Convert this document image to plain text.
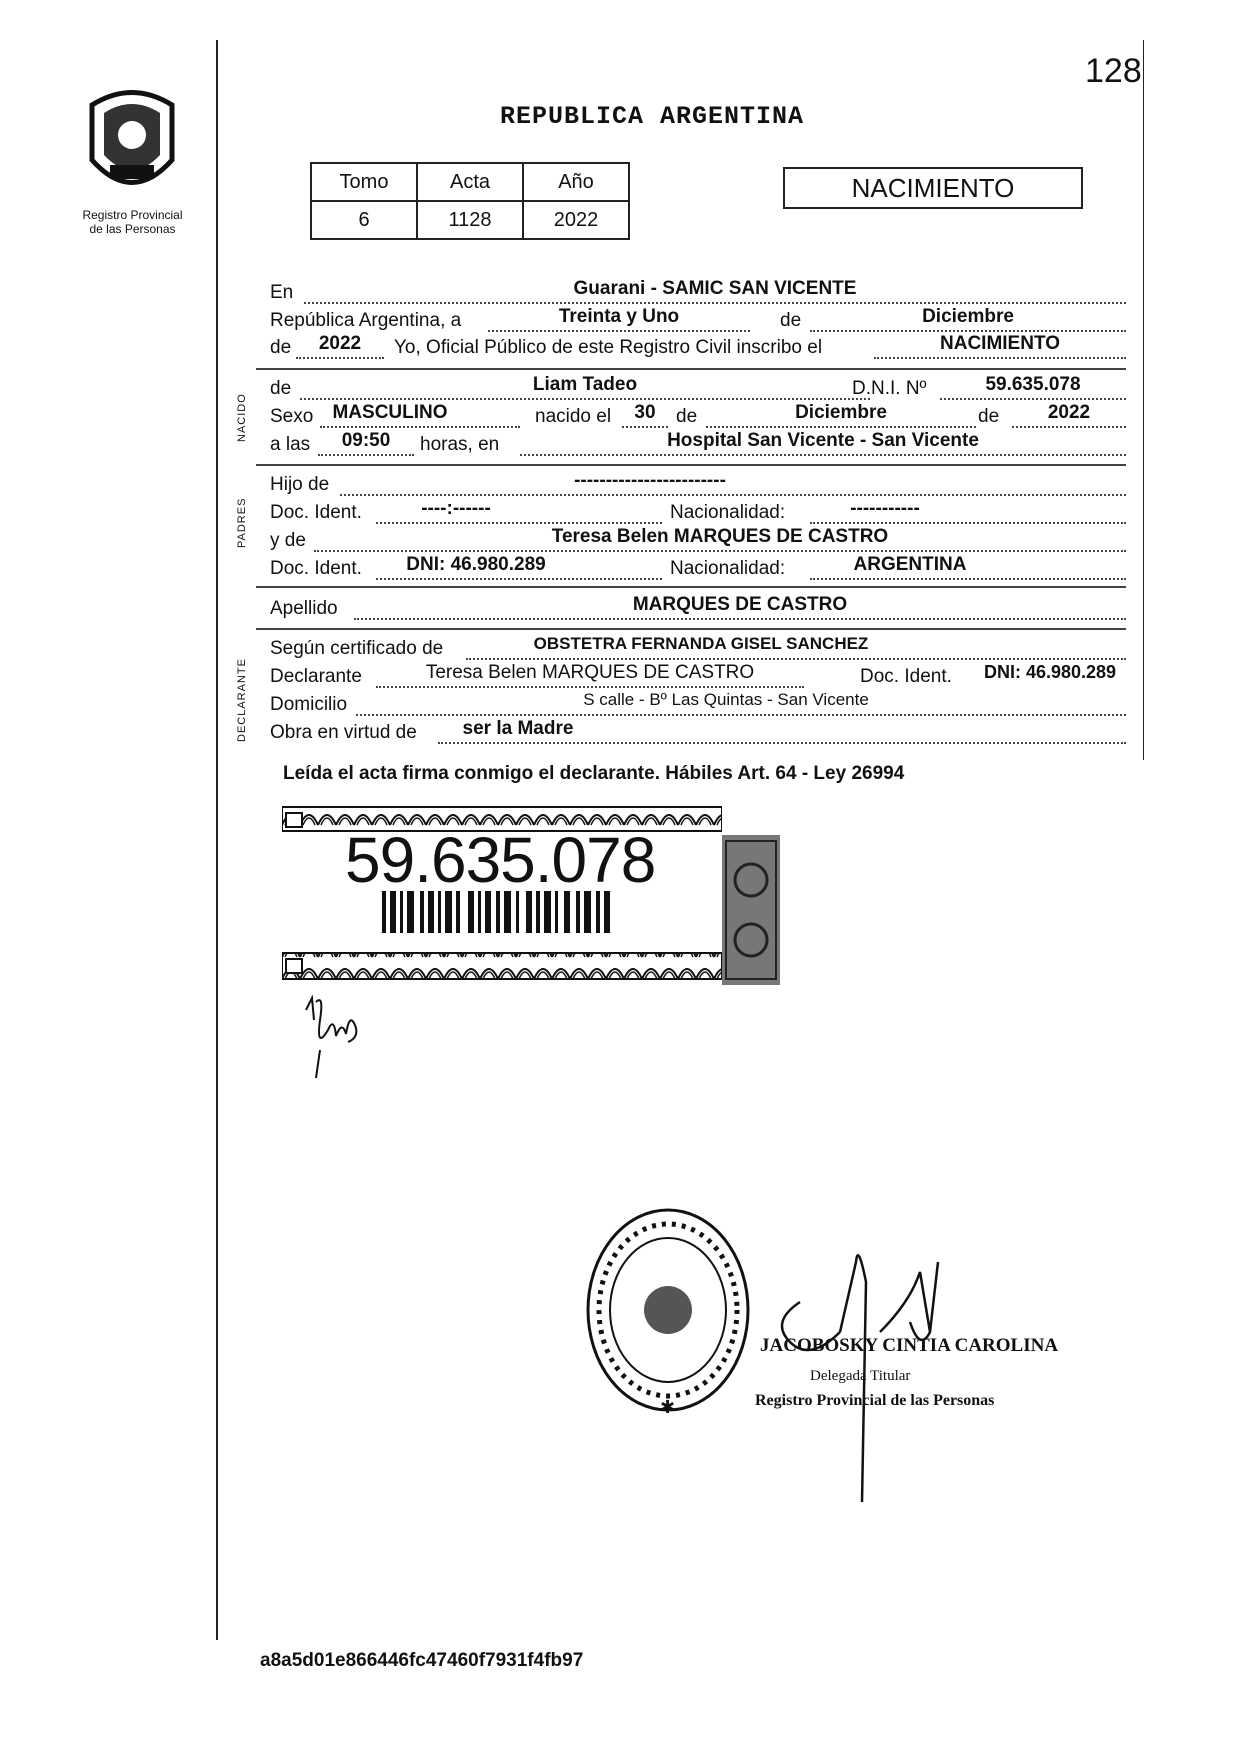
Registro Provincial
de las Personas
128
REPUBLICA ARGENTINA
Tomo	Acta	Año
6	1128	2022
NACIMIENTO
En	Guarani - SAMIC SAN VICENTE
República Argentina, a	Treinta y Uno	de	Diciembre
de	2022	Yo, Oficial Público de este Registro Civil inscribo el	NACIMIENTO
NACIDO
de	Liam Tadeo	D.N.I. Nº	59.635.078
Sexo	MASCULINO	nacido el	30	de	Diciembre	de	2022
a las	09:50	horas, en	Hospital San Vicente - San Vicente
PADRES
Hijo de	------------------------
Doc. Ident.	----:------	Nacionalidad:	-----------
y de	Teresa Belen MARQUES DE CASTRO
Doc. Ident.	DNI: 46.980.289	Nacionalidad:	ARGENTINA
Apellido	MARQUES DE CASTRO
DECLARANTE
Según certificado de	OBSTETRA FERNANDA GISEL SANCHEZ
Declarante	Teresa Belen MARQUES DE CASTRO	Doc. Ident.	DNI: 46.980.289
Domicilio	S calle - Bº Las Quintas - San Vicente
Obra en virtud de	ser la Madre
Leída el acta firma conmigo el declarante. Hábiles Art. 64 - Ley 26994
59.635.078
✱
JACOBOSKY CINTIA CAROLINA
Delegada Titular
Registro Provincial de las Personas
a8a5d01e866446fc47460f7931f4fb97
